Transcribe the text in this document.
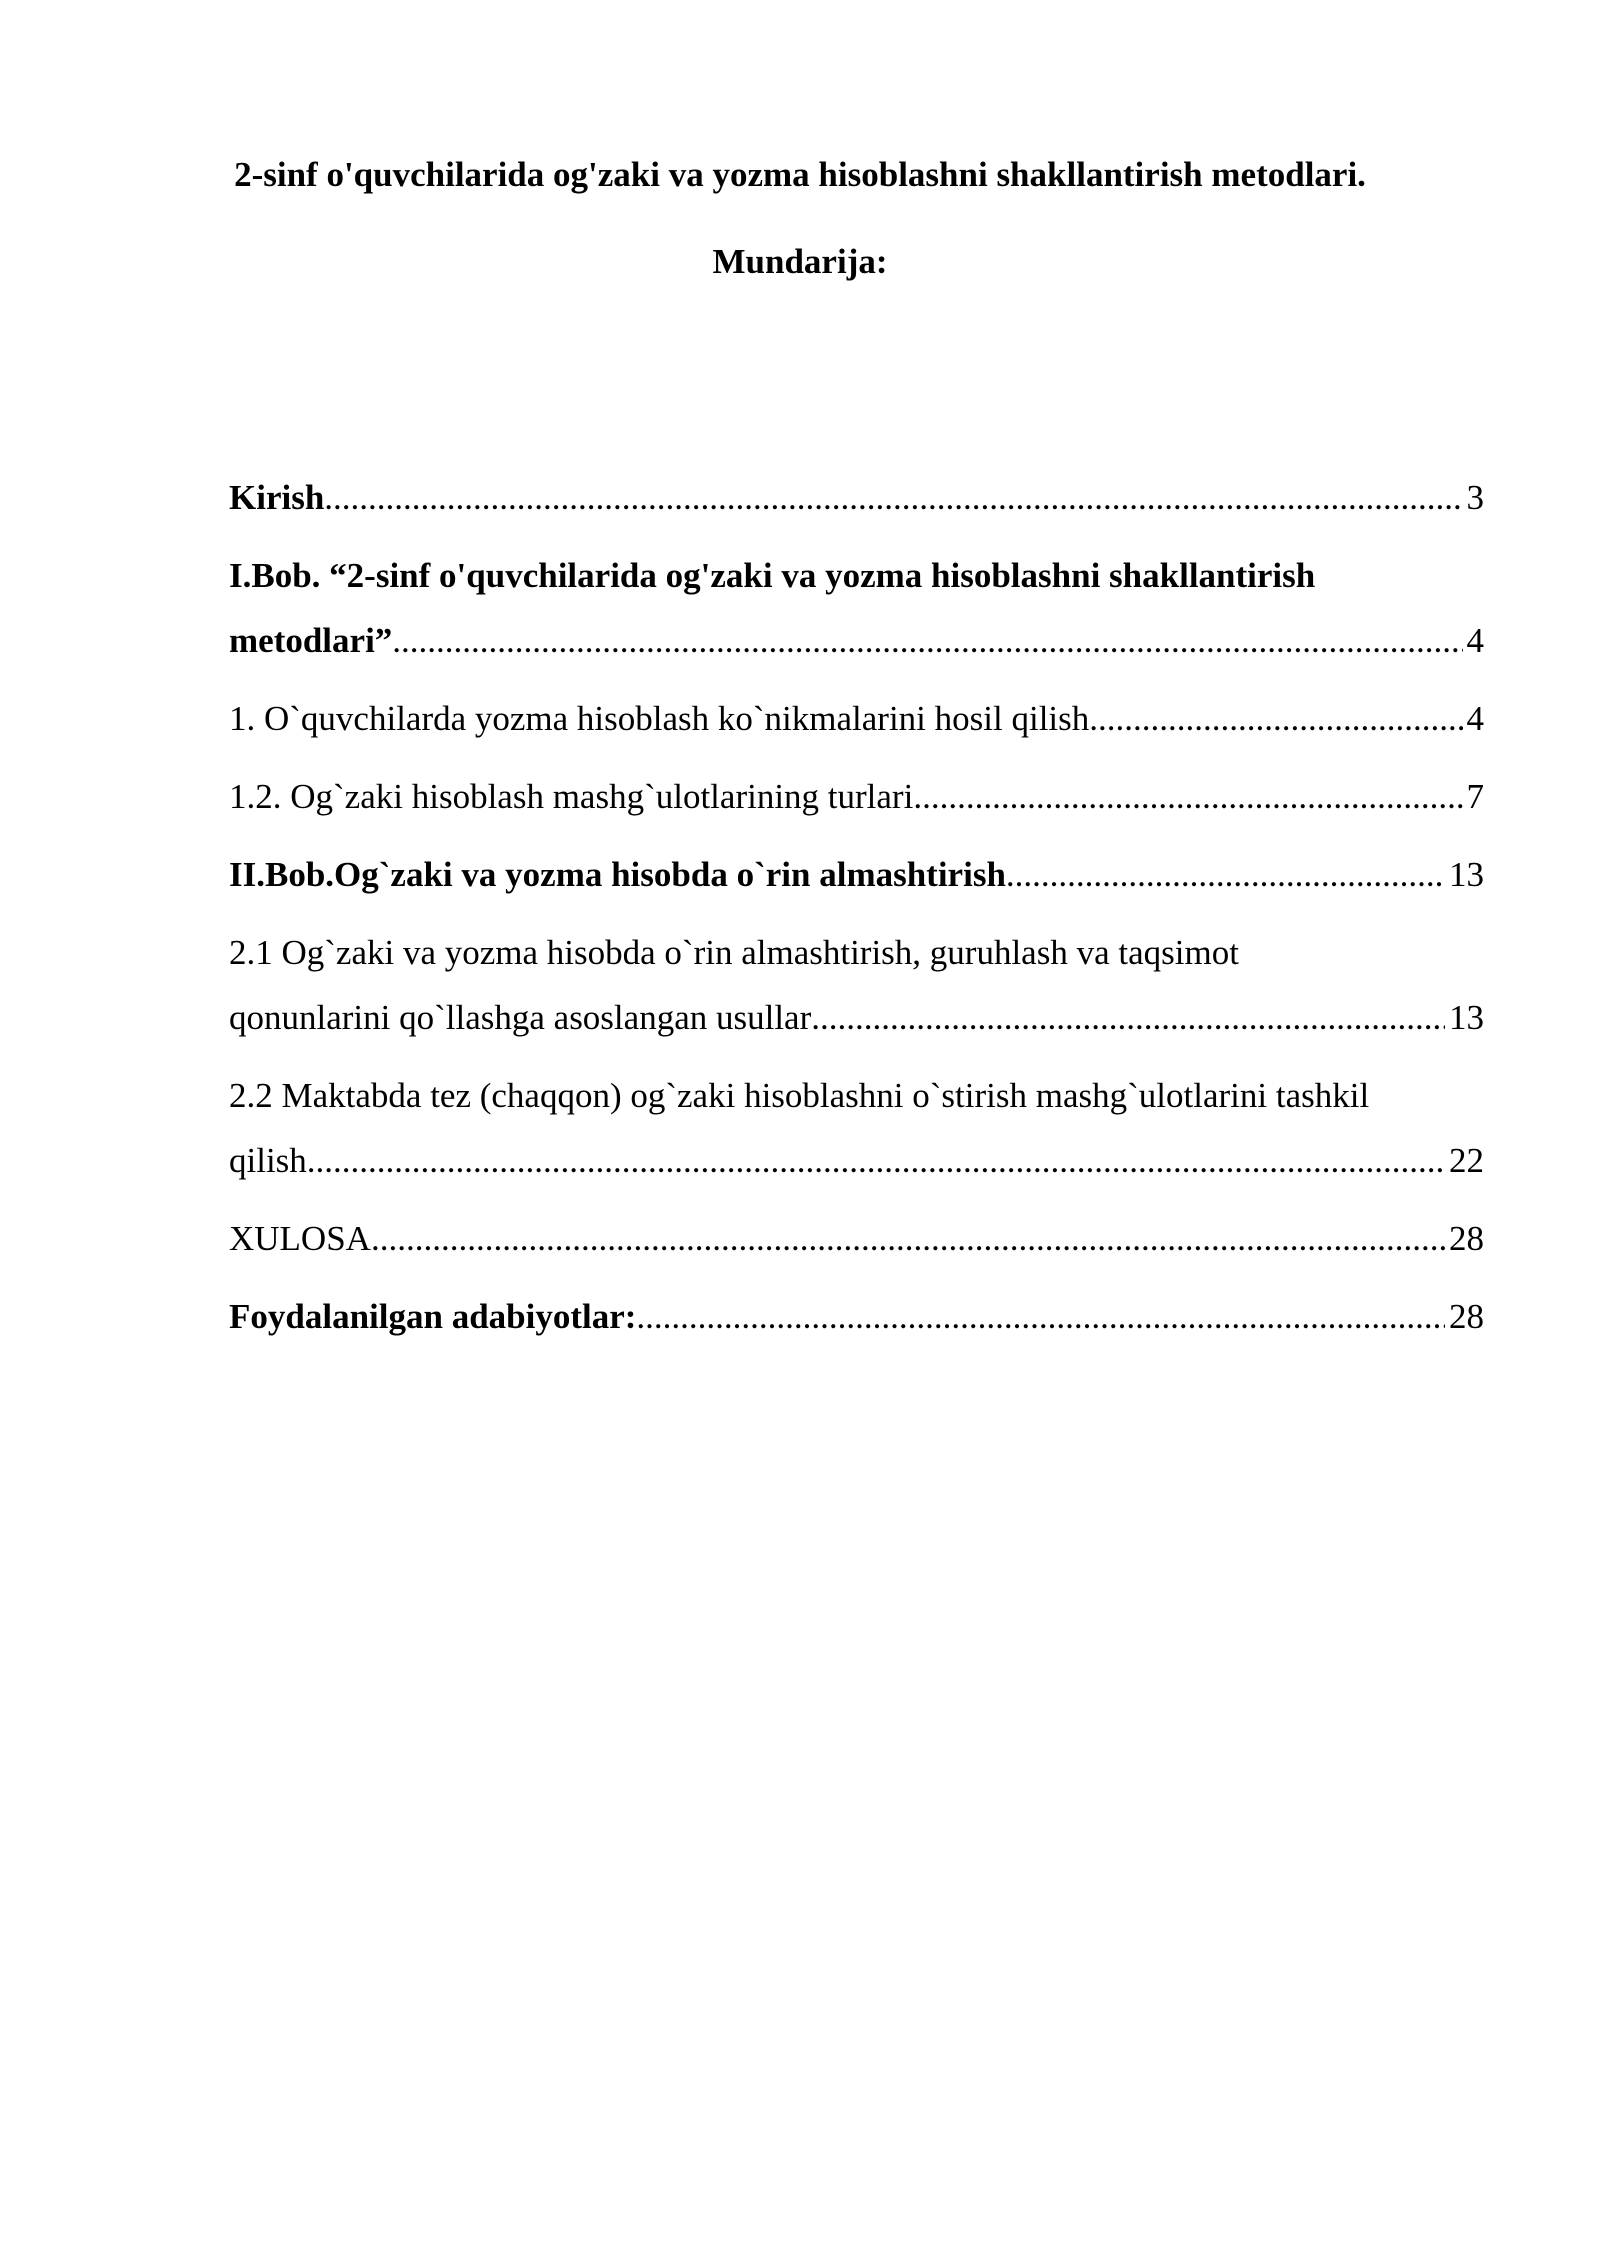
2-sinf o'quvchilarida og'zaki va yozma hisoblashni shakllantirish metodlari.

Mundarija:

Kirish .....	3
I.Bob. “2-sinf o'quvchilarida og'zaki va yozma hisoblashni shakllantirish
metodlari” .....	4
1. O`quvchilarda yozma hisoblash ko`nikmalarini hosil qilish .....	4
1.2. Og`zaki hisoblash mashg`ulotlarining turlari .....	7
II.Bob.Og`zaki va yozma hisobda o`rin almashtirish .....	13
2.1 Og`zaki va yozma hisobda o`rin almashtirish, guruhlash va taqsimot
qonunlarini qo`llashga asoslangan usullar .....	13
2.2 Maktabda tez (chaqqon) og`zaki hisoblashni o`stirish mashg`ulotlarini tashkil
qilish .....	22
XULOSA .....	28
Foydalanilgan adabiyotlar: .....	28
